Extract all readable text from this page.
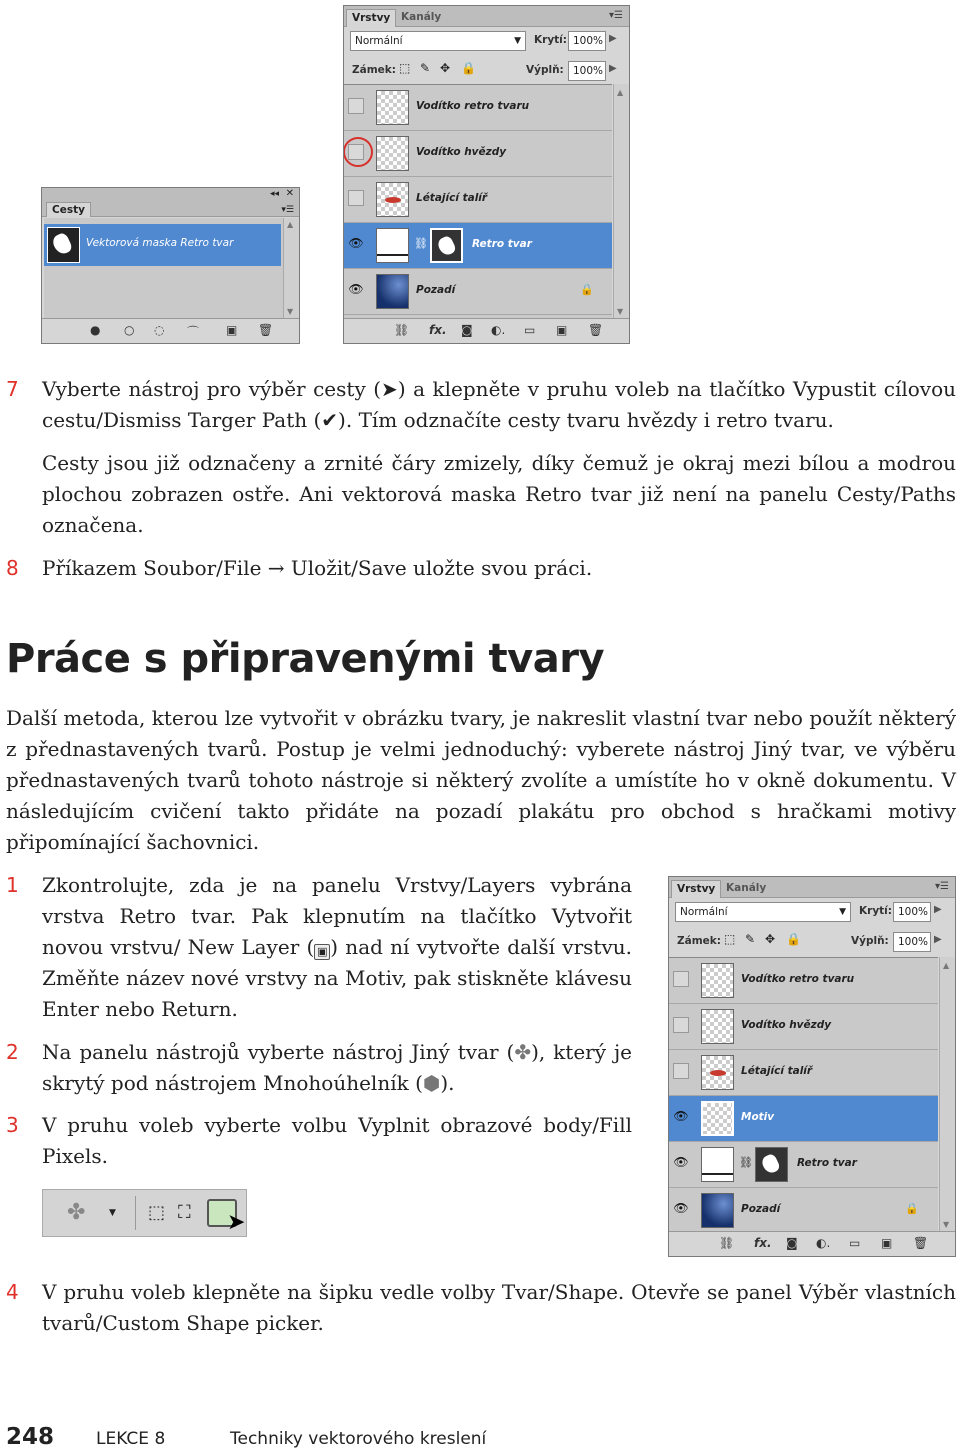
◂◂ ✕
Cesty	▾☰
Vektorová maska Retro tvar
▲
▼
● ○ ◌ ⌒ ▣ 🗑
Vrstvy	Kanály	▾☰
Normální	▼ Krytí: 100% ▶
Zámek: ⬚ ✎ ✥ 🔒	Výplň: 100% ▶
Vodítko retro tvaru
Vodítko hvězdy
Létající talíř
👁	⛓	Retro tvar
👁	Pozadí	🔒
▲
▼
⛓ fx. ◙ ◐. ▭ ▣ 🗑
7 Vyberte nástroj pro výběr cesty (➤) a klepněte v pruhu voleb na tlačítko Vypustit cílovou cestu/Dismiss Targer Path (✔). Tím odznačíte cesty tvaru hvězdy i retro tvaru.
Cesty jsou již odznačeny a zrnité čáry zmizely, díky čemuž je okraj mezi bílou a modrou plochou zobrazen ostře. Ani vektorová maska Retro tvar již není na panelu Cesty/Paths označena.
8 Příkazem Soubor/File → Uložit/Save uložte svou práci.
Práce s připravenými tvary
Další metoda, kterou lze vytvořit v obrázku tvary, je nakreslit vlastní tvar nebo použít některý z přednastavených tvarů. Postup je velmi jednoduchý: vyberete nástroj Jiný tvar, ve výběru přednastavených tvarů tohoto nástroje si některý zvolíte a umístíte ho v okně dokumentu. V následujícím cvičení takto přidáte na pozadí plakátu pro obchod s hračkami motivy připomínající šachovnici.
1 Zkontrolujte, zda je na panelu Vrstvy/Layers vybrána vrstva Retro tvar. Pak klepnutím na tlačítko Vytvořit novou vrstvu/ New Layer ( ▣ ) nad ní vytvořte další vrstvu. Změňte název nové vrstvy na Motiv, pak stiskněte klávesu Enter nebo Return.
2 Na panelu nástrojů vyberte nástroj Jiný tvar (✤), který je skrytý pod nástrojem Mnohoúhelník (⬢).
3 V pruhu voleb vyberte volbu Vyplnit obrazové body/Fill Pixels.
✤	▼ ⬚ ⛶ ➤
Vrstvy	Kanály	▾☰
Normální	▼ Krytí: 100% ▶
Zámek: ⬚ ✎ ✥ 🔒	Výplň: 100% ▶
Vodítko retro tvaru
Vodítko hvězdy
Létající talíř
👁	Motiv
👁	⛓	Retro tvar
👁	Pozadí	🔒
▲
▼
⛓ fx. ◙ ◐. ▭ ▣ 🗑
4 V pruhu voleb klepněte na šipku vedle volby Tvar/Shape. Otevře se panel Výběr vlastních tvarů/Custom Shape picker.
248 LEKCE 8	Techniky vektorového kreslení
